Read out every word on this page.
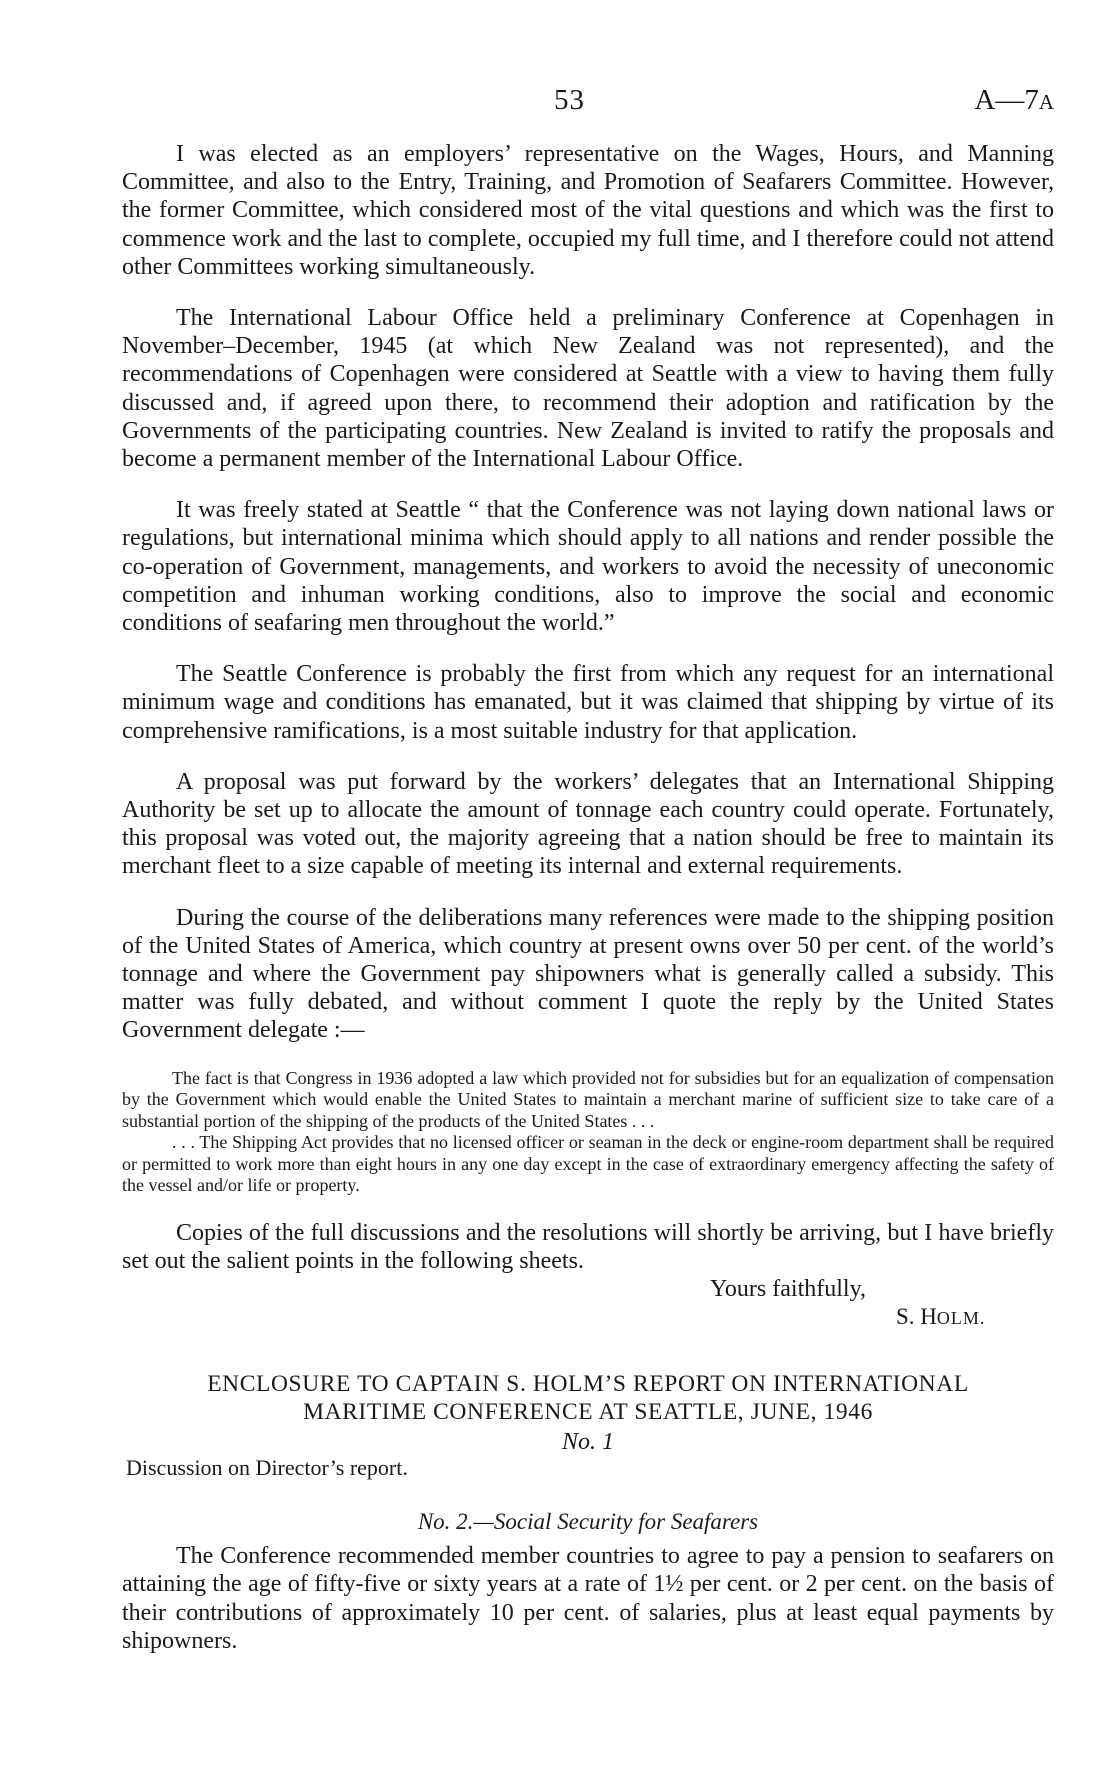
53	A—7A

I was elected as an employers’ representative on the Wages, Hours, and Manning Committee, and also to the Entry, Training, and Promotion of Seafarers Committee. However, the former Committee, which considered most of the vital questions and which was the first to commence work and the last to complete, occupied my full time, and I therefore could not attend other Committees working simultaneously.

The International Labour Office held a preliminary Conference at Copenhagen in November–December, 1945 (at which New Zealand was not represented), and the recommendations of Copenhagen were considered at Seattle with a view to having them fully discussed and, if agreed upon there, to recommend their adoption and ratification by the Governments of the participating countries. New Zealand is invited to ratify the proposals and become a permanent member of the International Labour Office.

It was freely stated at Seattle “ that the Conference was not laying down national laws or regulations, but international minima which should apply to all nations and render possible the co-operation of Government, managements, and workers to avoid the necessity of uneconomic competition and inhuman working conditions, also to improve the social and economic conditions of seafaring men throughout the world.”

The Seattle Conference is probably the first from which any request for an international minimum wage and conditions has emanated, but it was claimed that shipping by virtue of its comprehensive ramifications, is a most suitable industry for that application.

A proposal was put forward by the workers’ delegates that an International Shipping Authority be set up to allocate the amount of tonnage each country could operate. Fortunately, this proposal was voted out, the majority agreeing that a nation should be free to maintain its merchant fleet to a size capable of meeting its internal and external requirements.

During the course of the deliberations many references were made to the shipping position of the United States of America, which country at present owns over 50 per cent. of the world’s tonnage and where the Government pay shipowners what is generally called a subsidy. This matter was fully debated, and without comment I quote the reply by the United States Government delegate :—

The fact is that Congress in 1936 adopted a law which provided not for subsidies but for an equalization of compensation by the Government which would enable the United States to maintain a merchant marine of sufficient size to take care of a substantial portion of the shipping of the products of the United States . . .

. . . The Shipping Act provides that no licensed officer or seaman in the deck or engine-room department shall be required or permitted to work more than eight hours in any one day except in the case of extraordinary emergency affecting the safety of the vessel and/or life or property.

Copies of the full discussions and the resolutions will shortly be arriving, but I have briefly set out the salient points in the following sheets.

Yours faithfully,
S. HOLM.
ENCLOSURE TO CAPTAIN S. HOLM’S REPORT ON INTERNATIONAL
MARITIME CONFERENCE AT SEATTLE, JUNE, 1946
No. 1
Discussion on Director’s report.
No. 2.—Social Security for Seafarers

The Conference recommended member countries to agree to pay a pension to seafarers on attaining the age of fifty-five or sixty years at a rate of 1½ per cent. or 2 per cent. on the basis of their contributions of approximately 10 per cent. of salaries, plus at least equal payments by shipowners.
